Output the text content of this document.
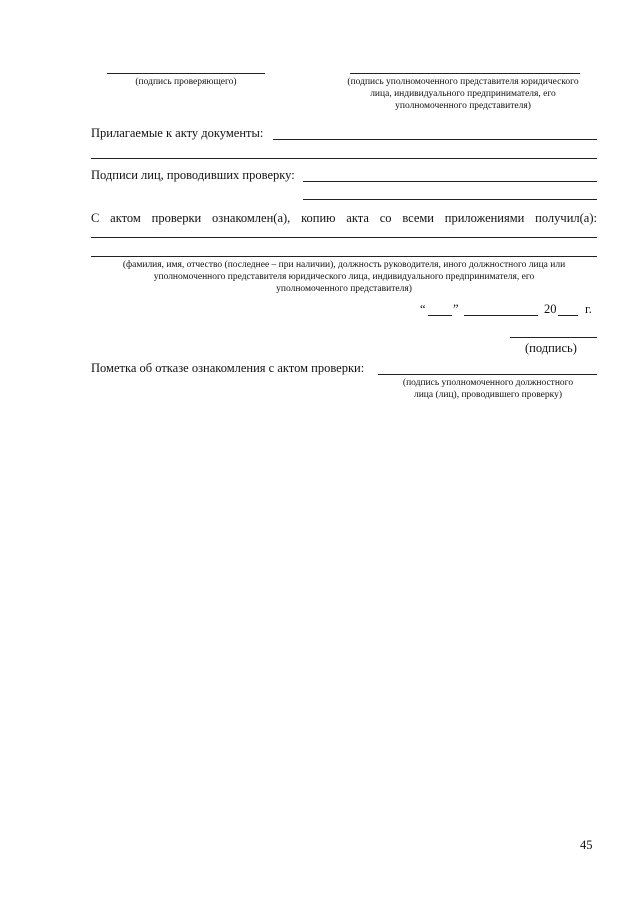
(подпись проверяющего)	(подпись уполномоченного представителя юридического
лица, индивидуального предпринимателя, его
уполномоченного представителя)
Прилагаемые к акту документы:
Подписи лиц, проводивших проверку:
С актом проверки ознакомлен(а), копию акта со всеми приложениями получил(а):
(фамилия, имя, отчество (последнее – при наличии), должность руководителя, иного должностного лица или
уполномоченного представителя юридического лица, индивидуального предпринимателя, его
уполномоченного представителя)
“ ”	20 г.
(подпись)
Пометка об отказе ознакомления с актом проверки:
(подпись уполномоченного должностного
лица (лиц), проводившего проверку)
45
